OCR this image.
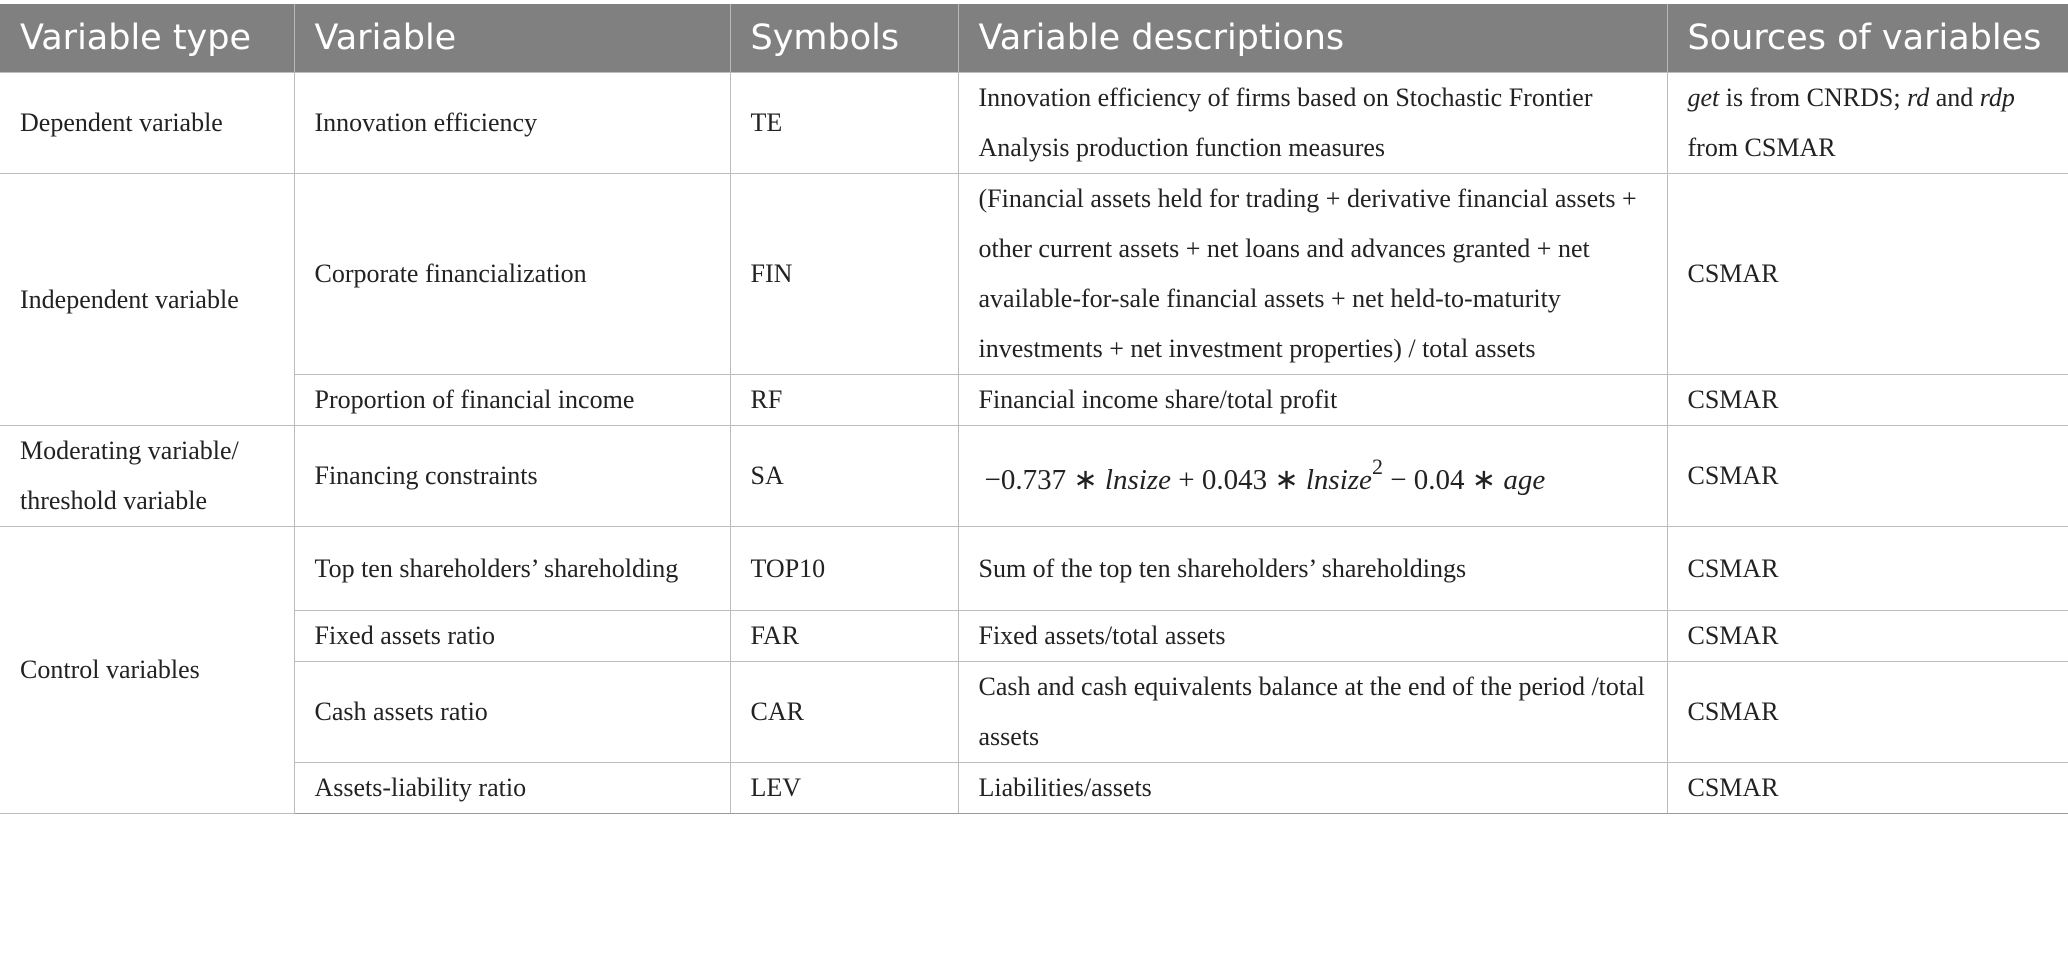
Variable type	Variable	Symbols	Variable descriptions	Sources of variables
Dependent variable	Innovation efficiency	TE	Innovation efficiency of firms based on Stochastic Frontier Analysis production function measures	get is from CNRDS; rd and rdp from CSMAR
Independent variable	Corporate financialization	FIN	(Financial assets held for trading + derivative financial assets + other current assets + net loans and advances granted + net available-for-sale financial assets + net held-to-maturity investments + net investment properties) / total assets	CSMAR
	Proportion of financial income	RF	Financial income share/total profit	CSMAR
Moderating variable/ threshold variable	Financing constraints	SA	−0.737 ∗ lnsize + 0.043 ∗ lnsize$^2$ − 0.04 ∗ age	CSMAR
Control variables	Top ten shareholders’ shareholding	TOP10	Sum of the top ten shareholders’ shareholdings	CSMAR
	Fixed assets ratio	FAR	Fixed assets/total assets	CSMAR
	Cash assets ratio	CAR	Cash and cash equivalents balance at the end of the period /total assets	CSMAR
	Assets-liability ratio	LEV	Liabilities/assets	CSMAR
